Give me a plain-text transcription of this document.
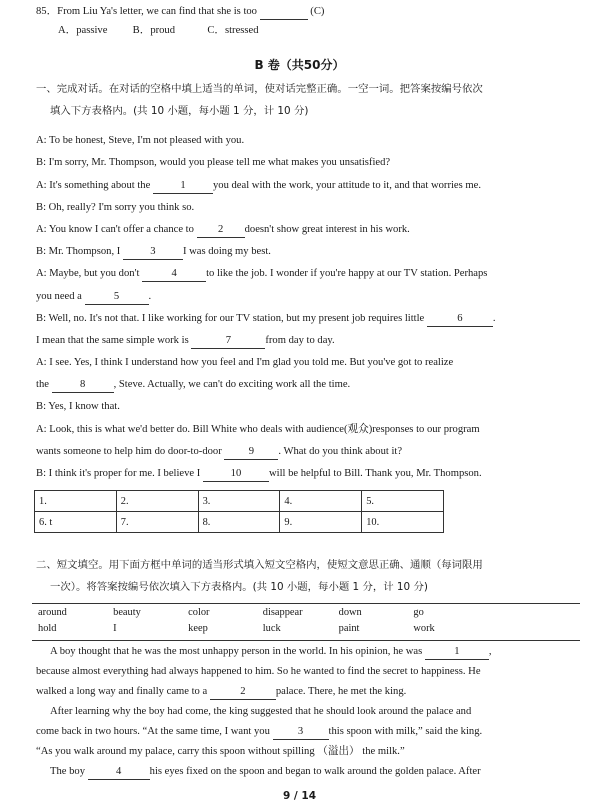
85．From Liu Ya's letter, we can find that she is too	(C)
A．passive B．proud	C．stressed
B 卷（共50分）
一、完成对话。在对话的空格中填上适当的单词，使对话完整正确。一空一词。把答案按编号依次
填入下方表格内。(共 10 小题，每小题 1 分，计 10 分)
A: To be honest, Steve, I'm not pleased with you.
B: I'm sorry, Mr. Thompson, would you please tell me what makes you unsatisfied?
A: It's something about the	1	you deal with the work, your attitude to it, and that worries me.
B: Oh, really? I'm sorry you think so.
A: You know I can't offer a chance to 2 doesn't show great interest in his work.
B: Mr. Thompson, I	3	I was doing my best.
A: Maybe, but you don't	4	to like the job. I wonder if you're happy at our TV station. Perhaps
you need a	5	.
B: Well, no. It's not that. I like working for our TV station, but my present job requires little	6	.
I mean that the same simple work is	7	from day to day.
A: I see. Yes, I think I understand how you feel and I'm glad you told me. But you've got to realize
the	8	, Steve. Actually, we can't do exciting work all the time.
B: Yes, I know that.
A: Look, this is what we'd better do. Bill White who deals with audience(观众)responses to our program
wants someone to help him do door-to-door	9 . What do you think about it?
B: I think it's proper for me. I believe I	10	will be helpful to Bill. Thank you, Mr. Thompson.
1.	2.	3.	4.	5.
6. t	7.	8.	9.	10.
二、短文填空。用下面方框中单词的适当形式填入短文空格内，使短文意思正确、通顺（每词限用
一次）。将答案按编号依次填入下方表格内。(共 10 小题，每小题 1 分，计 10 分)
around	beauty	color	disappear	down	go
hold	I	keep	luck	paint	work
A boy thought that he was the most unhappy person in the world. In his opinion, he was	1	,
because almost everything had always happened to him. So he wanted to find the secret to happiness. He
walked a long way and finally came to a	2	palace. There, he met the king.
After learning why the boy had come, the king suggested that he should look around the palace and
come back in two hours. “At the same time, I want you	3 this spoon with milk,” said the king.
“As you walk around my palace, carry this spoon without spilling （溢出） the milk.”
The boy	4	his eyes fixed on the spoon and began to walk around the golden palace. After
9 / 14
